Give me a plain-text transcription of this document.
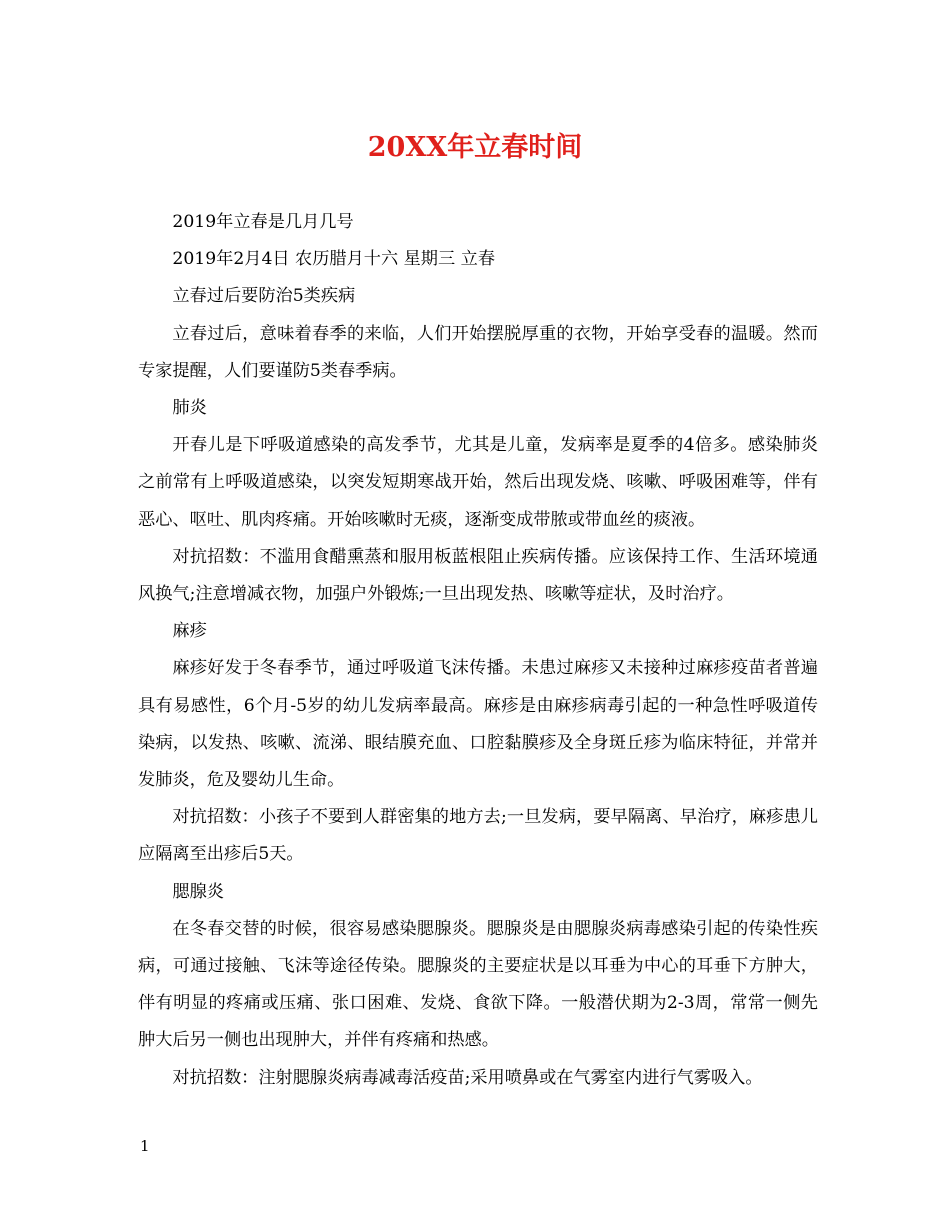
20XX年立春时间

2019年立春是几月几号

2019年2月4日 农历腊月十六 星期三 立春

立春过后要防治5类疾病

立春过后，意味着春季的来临，人们开始摆脱厚重的衣物，开始享受春的温暖。然而专家提醒，人们要谨防5类春季病。

肺炎

开春儿是下呼吸道感染的高发季节，尤其是儿童，发病率是夏季的4倍多。感染肺炎之前常有上呼吸道感染，以突发短期寒战开始，然后出现发烧、咳嗽、呼吸困难等，伴有恶心、呕吐、肌肉疼痛。开始咳嗽时无痰，逐渐变成带脓或带血丝的痰液。

对抗招数：不滥用食醋熏蒸和服用板蓝根阻止疾病传播。应该保持工作、生活环境通风换气;注意增减衣物，加强户外锻炼;一旦出现发热、咳嗽等症状，及时治疗。

麻疹

麻疹好发于冬春季节，通过呼吸道飞沫传播。未患过麻疹又未接种过麻疹疫苗者普遍具有易感性，6个月-5岁的幼儿发病率最高。麻疹是由麻疹病毒引起的一种急性呼吸道传染病，以发热、咳嗽、流涕、眼结膜充血、口腔黏膜疹及全身斑丘疹为临床特征，并常并发肺炎，危及婴幼儿生命。

对抗招数：小孩子不要到人群密集的地方去;一旦发病，要早隔离、早治疗，麻疹患儿应隔离至出疹后5天。

腮腺炎

在冬春交替的时候，很容易感染腮腺炎。腮腺炎是由腮腺炎病毒感染引起的传染性疾病，可通过接触、飞沫等途径传染。腮腺炎的主要症状是以耳垂为中心的耳垂下方肿大，伴有明显的疼痛或压痛、张口困难、发烧、食欲下降。一般潜伏期为2-3周，常常一侧先肿大后另一侧也出现肿大，并伴有疼痛和热感。

对抗招数：注射腮腺炎病毒减毒活疫苗;采用喷鼻或在气雾室内进行气雾吸入。

1
